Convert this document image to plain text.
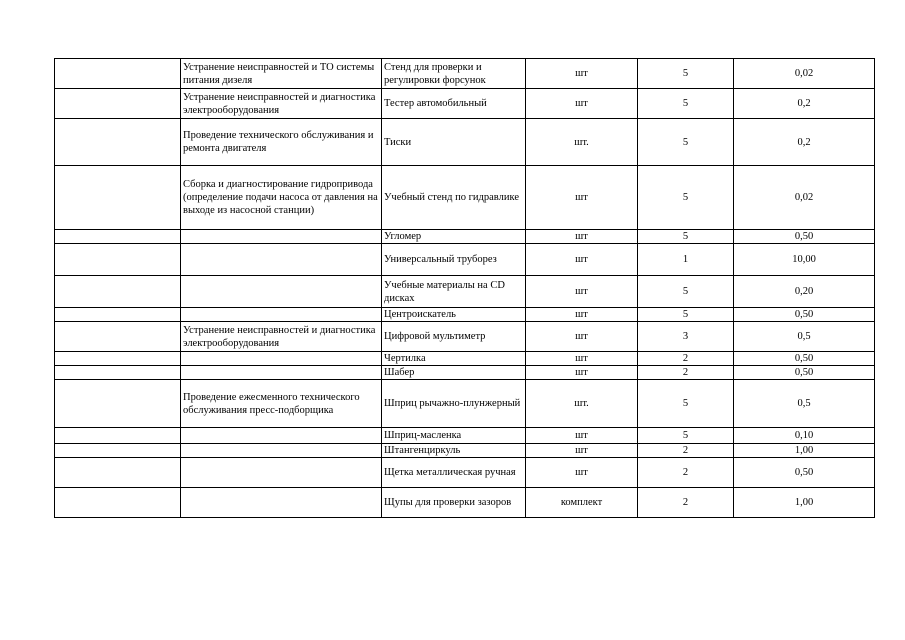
	Устранение неисправностей и ТО системы питания дизеля	Стенд для проверки и регулировки форсунок	шт	5	0,02
	Устранение неисправностей и диагностика электрооборудования	Тестер автомобильный	шт	5	0,2
	Проведение технического обслуживания и ремонта двигателя	Тиски	шт.	5	0,2
	Сборка и диагностирование гидропривода (определение подачи насоса от давления на выходе из насосной станции)	Учебный стенд по гидравлике	шт	5	0,02
		Угломер	шт	5	0,50
		Универсальный труборез	шт	1	10,00
		Учебные материалы на CD дисках	шт	5	0,20
		Центроискатель	шт	5	0,50
	Устранение неисправностей и диагностика электрооборудования	Цифровой мультиметр	шт	3	0,5
		Чертилка	шт	2	0,50
		Шабер	шт	2	0,50
	Проведение ежесменного технического обслуживания пресс-подборщика	Шприц рычажно-плунжерный	шт.	5	0,5
		Шприц-масленка	шт	5	0,10
		Штангенциркуль	шт	2	1,00
		Щетка металлическая ручная	шт	2	0,50
		Щупы для проверки зазоров	комплект	2	1,00
